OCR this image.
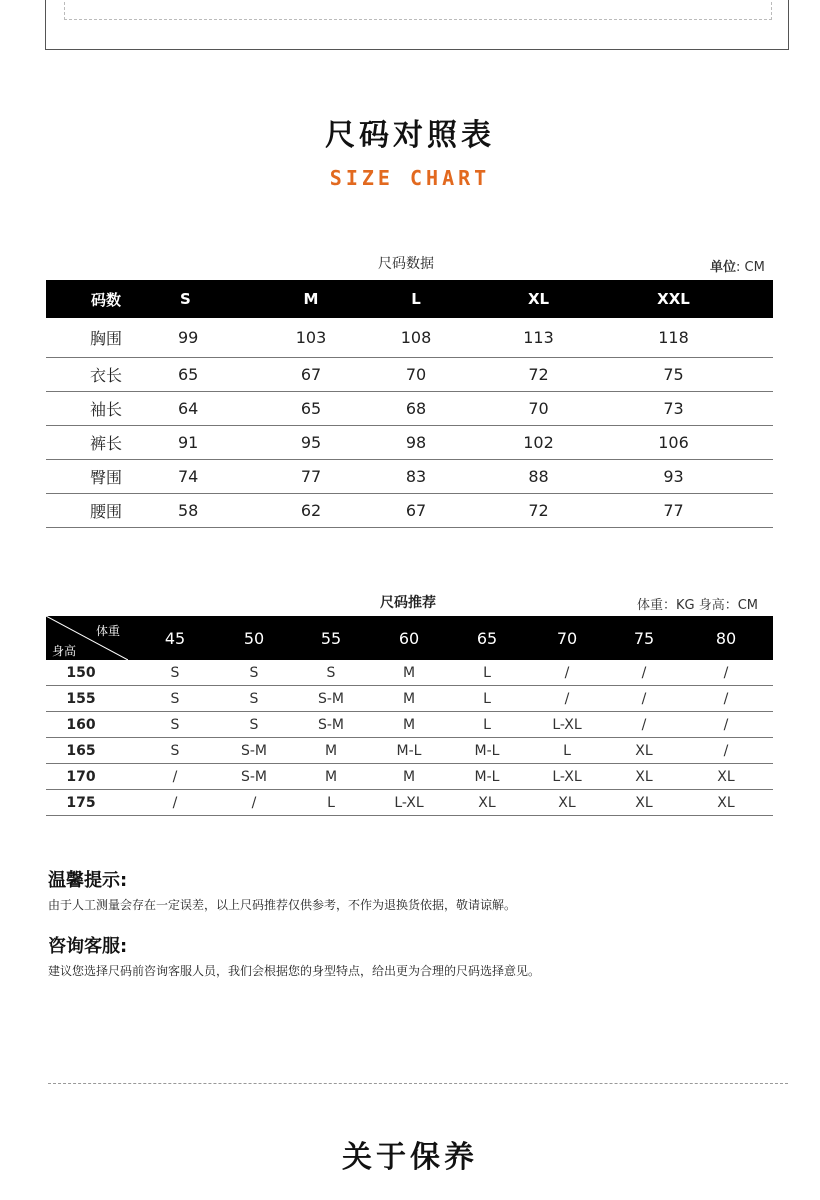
尺码对照表
SIZE CHART
尺码数据	单位: CM
码数	S	M	L	XL	XXL
胸围	99	103	108	113	118
衣长	65	67	70	72	75
袖长	64	65	68	70	73
裤长	91	95	98	102	106
臀围	74	77	83	88	93
腰围	58	62	67	72	77
尺码推荐	体重：KG 身高：CM
体重
身高
45	50	55	60	65	70	75	80
150	S	S	S	M	L	/	/	/
155	S	S	S-M	M	L	/	/	/
160	S	S	S-M	M	L	L-XL	/	/
165	S	S-M	M	M-L	M-L	L	XL	/
170	/	S-M	M	M	M-L	L-XL	XL	XL
175	/	/	L	L-XL	XL	XL	XL	XL
温馨提示:
由于人工测量会存在一定误差，以上尺码推荐仅供参考，不作为退换货依据，敬请谅解。
咨询客服:
建议您选择尺码前咨询客服人员，我们会根据您的身型特点，给出更为合理的尺码选择意见。
关于保养
